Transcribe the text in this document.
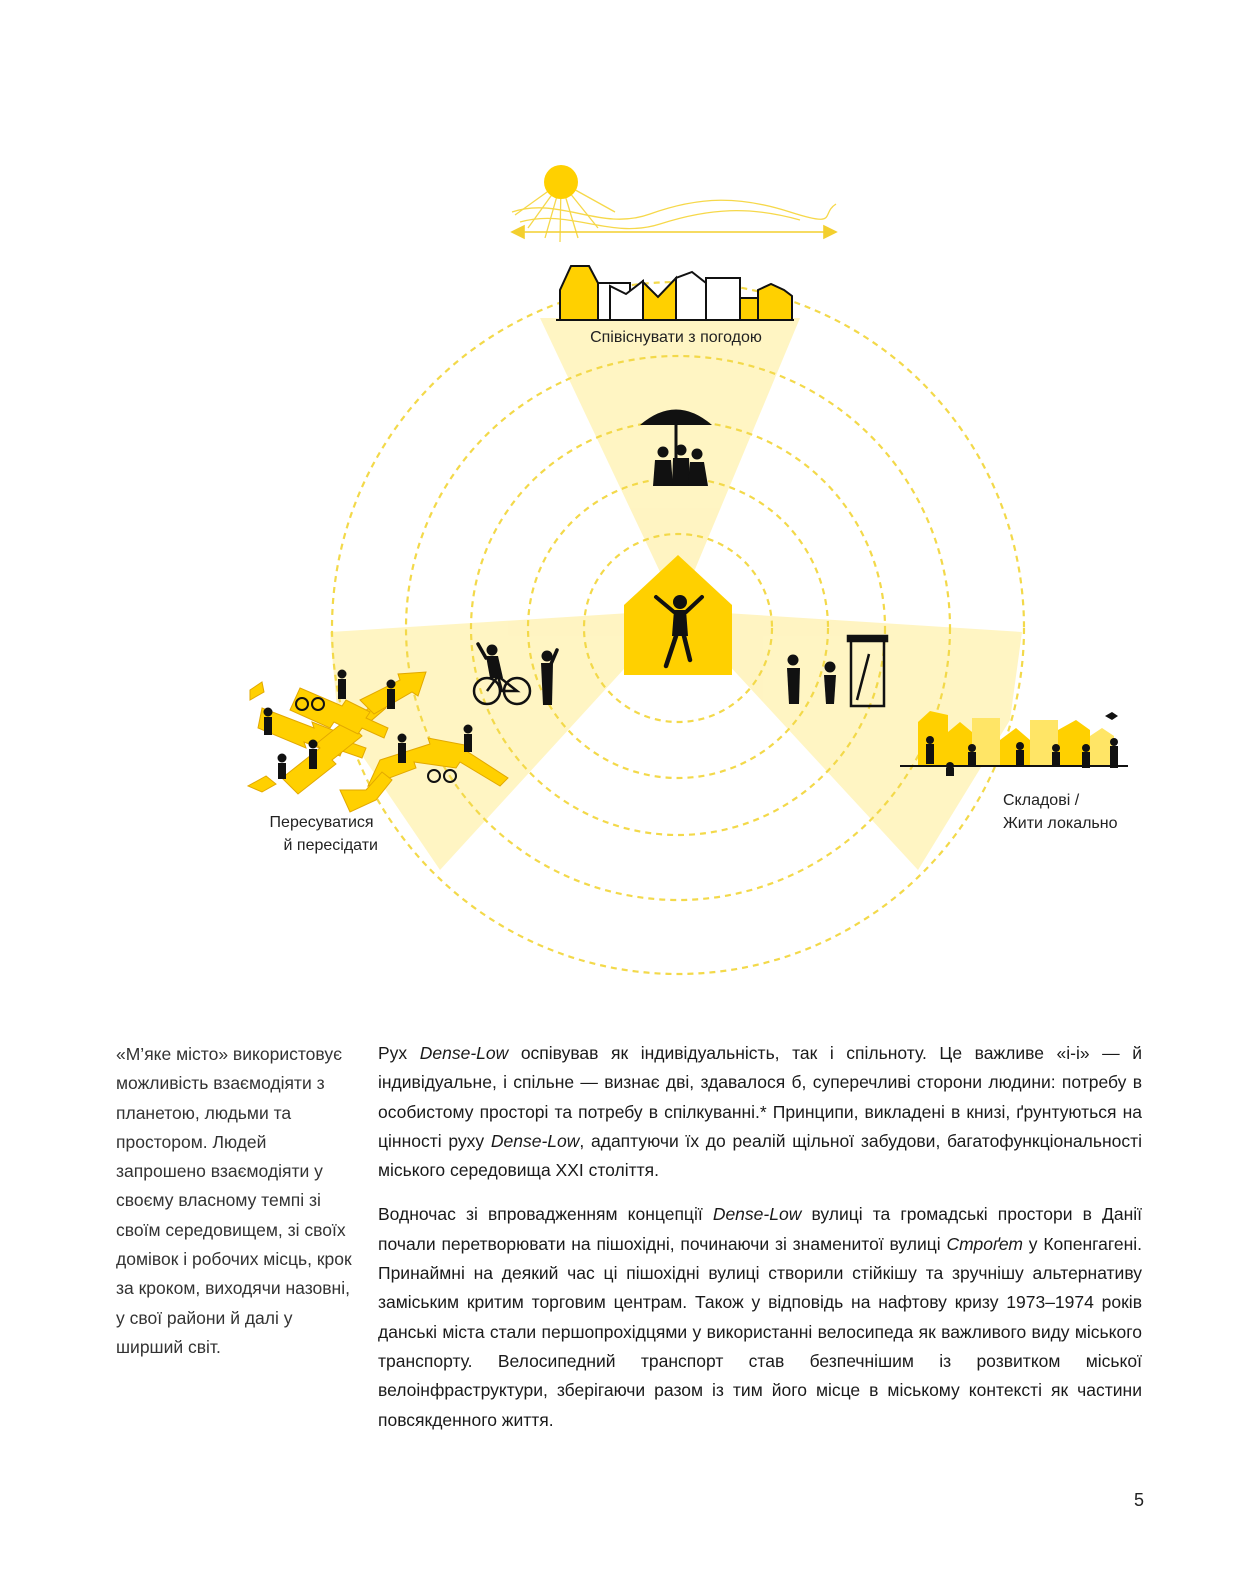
Співіснувати з погодою
Пересуватися й пересідати
Складові / Жити локально

«М’яке місто» використовує можливість взаємодіяти з планетою, людьми та простором. Людей запрошено взаємодіяти у своєму власному темпі зі своїм середовищем, зі своїх домівок і робочих місць, крок за кроком, виходячи назовні, у свої райони й далі у ширший світ.

Рух Dense-Low оспівував як індивідуальність, так і спільноту. Це важливе «і-і» — й індивідуальне, і спільне — визнає дві, здавалося б, суперечливі сторони людини: потребу в особистому просторі та потребу в спілкуванні.* Принципи, викладені в книзі, ґрунтуються на цінності руху Dense-Low, адаптуючи їх до реалій щільної забудови, багатофункціональності міського середовища XXI століття.

Водночас зі впровадженням концепції Dense-Low вулиці та громадські простори в Данії почали перетворювати на пішохідні, починаючи зі знаменитої вулиці Строґет у Копенгагені. Принаймні на деякий час ці пішохідні вулиці створили стійкішу та зручнішу альтернативу заміським критим торговим центрам. Також у відповідь на нафтову кризу 1973–1974 років данські міста стали першопрохідцями у використанні велосипеда як важливого виду міського транспорту. Велосипедний транспорт став безпечнішим із розвитком міської велоінфраструктури, зберігаючи разом із тим його місце в міському контексті як частини повсякденного життя.

5
